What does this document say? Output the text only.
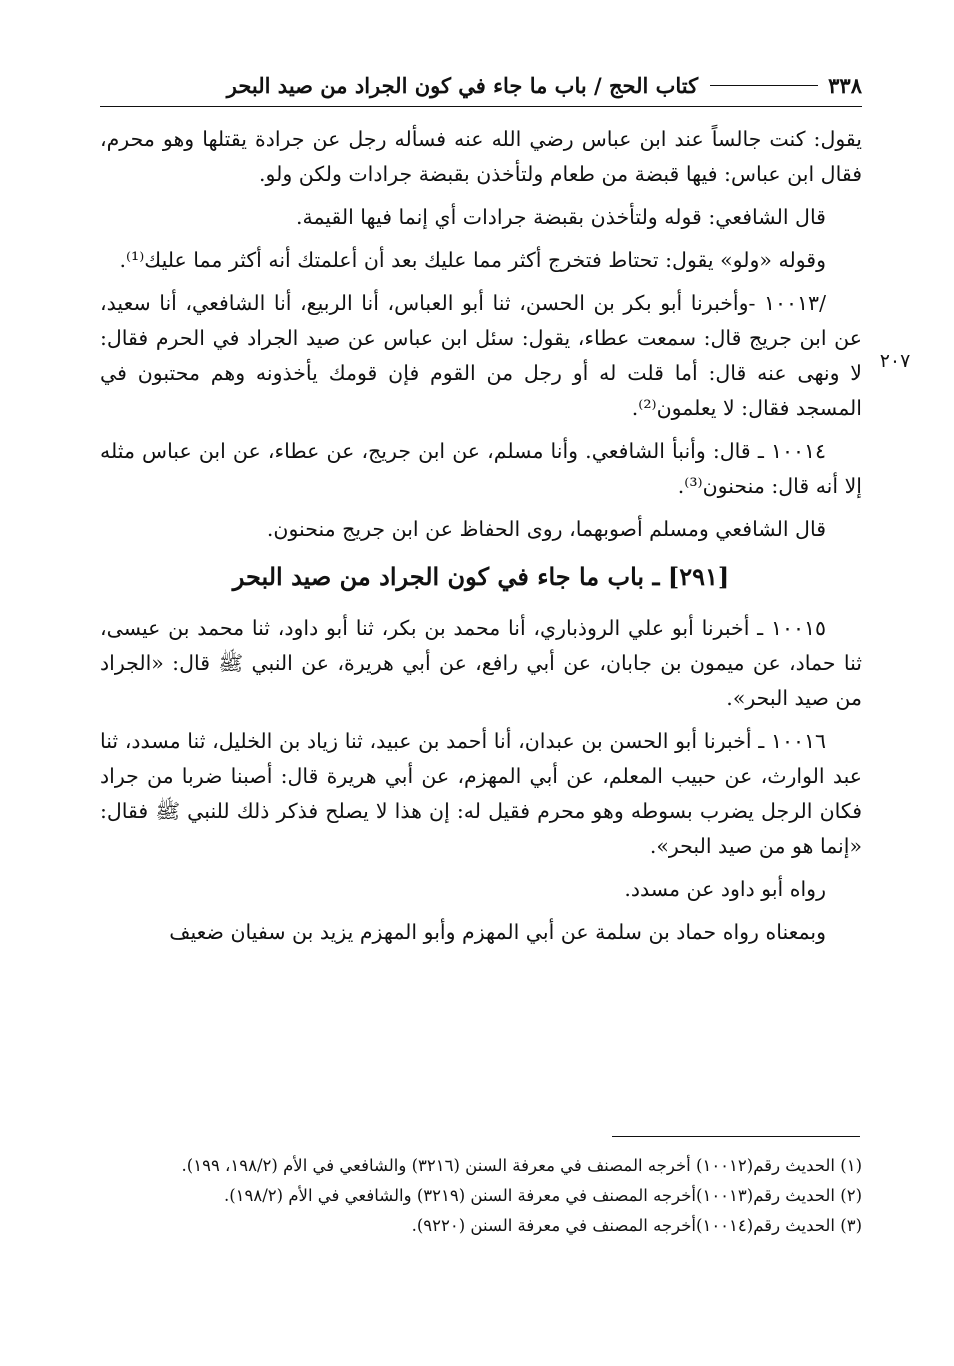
٣٣٨
كتاب الحج / باب ما جاء في كون الجراد من صيد البحر
٢٠٧

يقول: كنت جالساً عند ابن عباس رضي الله عنه فسأله رجل عن جرادة يقتلها وهو محرم، فقال ابن عباس: فيها قبضة من طعام ولتأخذن بقبضة جرادات ولكن ولو.

قال الشافعي: قوله ولتأخذن بقبضة جرادات أي إنما فيها القيمة.

وقوله «ولو» يقول: تحتاط فتخرج أكثر مما عليك بعد أن أعلمتك أنه أكثر مما عليك⁽¹⁾.

/١٠٠١٣ -وأخبرنا أبو بكر بن الحسن، ثنا أبو العباس، أنا الربيع، أنا الشافعي، أنا سعيد، عن ابن جريج قال: سمعت عطاء، يقول: سئل ابن عباس عن صيد الجراد في الحرم فقال: لا ونهى عنه قال: أما قلت له أو رجل من القوم فإن قومك يأخذونه وهم محتبون في المسجد فقال: لا يعلمون⁽²⁾.

١٠٠١٤ ـ قال: وأنبأ الشافعي. وأنا مسلم، عن ابن جريج، عن عطاء، عن ابن عباس مثله إلا أنه قال: منحنون⁽³⁾.

قال الشافعي ومسلم أصوبهما، روى الحفاظ عن ابن جريج منحنون.

[٢٩١] ـ باب ما جاء في كون الجراد من صيد البحر

١٠٠١٥ ـ أخبرنا أبو علي الروذباري، أنا محمد بن بكر، ثنا أبو داود، ثنا محمد بن عيسى، ثنا حماد، عن ميمون بن جابان، عن أبي رافع، عن أبي هريرة، عن النبي ﷺ قال: «الجراد من صيد البحر».

١٠٠١٦ ـ أخبرنا أبو الحسن بن عبدان، أنا أحمد بن عبيد، ثنا زياد بن الخليل، ثنا مسدد، ثنا عبد الوارث، عن حبيب المعلم، عن أبي المهزم، عن أبي هريرة قال: أصبنا ضربا من جراد فكان الرجل يضرب بسوطه وهو محرم فقيل له: إن هذا لا يصلح فذكر ذلك للنبي ﷺ فقال: «إنما هو من صيد البحر».

رواه أبو داود عن مسدد.

وبمعناه رواه حماد بن سلمة عن أبي المهزم وأبو المهزم يزيد بن سفيان ضعيف

(١) الحديث رقم(١٠٠١٢) أخرجه المصنف في معرفة السنن (٣٢١٦) والشافعي في الأم (١٩٨/٢، ١٩٩).

(٢) الحديث رقم(١٠٠١٣)أخرجه المصنف في معرفة السنن (٣٢١٩) والشافعي في الأم (١٩٨/٢).

(٣) الحديث رقم(١٠٠١٤)أخرجه المصنف في معرفة السنن (٩٢٢٠).
